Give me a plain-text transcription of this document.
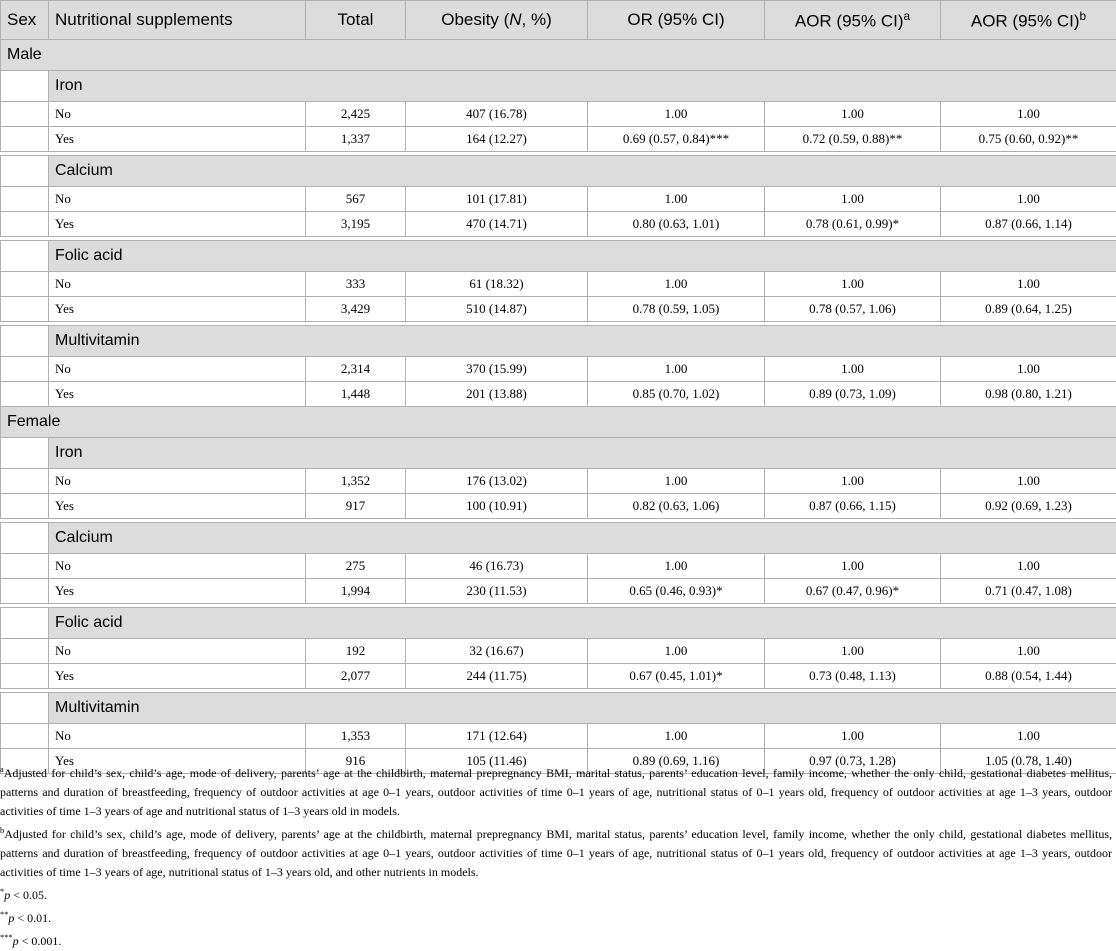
Sex	Nutritional supplements	Total	Obesity (N, %)	OR (95% CI)	AOR (95% CI)$^a$	AOR (95% CI)$^b$
Male						
	Iron					
	No	2,425	407 (16.78)	1.00	1.00	1.00
	Yes	1,337	164 (12.27)	0.69 (0.57, 0.84)***	0.72 (0.59, 0.88)**	0.75 (0.60, 0.92)**

	Calcium					
	No	567	101 (17.81)	1.00	1.00	1.00
	Yes	3,195	470 (14.71)	0.80 (0.63, 1.01)	0.78 (0.61, 0.99)*	0.87 (0.66, 1.14)

	Folic acid					
	No	333	61 (18.32)	1.00	1.00	1.00
	Yes	3,429	510 (14.87)	0.78 (0.59, 1.05)	0.78 (0.57, 1.06)	0.89 (0.64, 1.25)

	Multivitamin					
	No	2,314	370 (15.99)	1.00	1.00	1.00
	Yes	1,448	201 (13.88)	0.85 (0.70, 1.02)	0.89 (0.73, 1.09)	0.98 (0.80, 1.21)
Female						
	Iron					
	No	1,352	176 (13.02)	1.00	1.00	1.00
	Yes	917	100 (10.91)	0.82 (0.63, 1.06)	0.87 (0.66, 1.15)	0.92 (0.69, 1.23)

	Calcium					
	No	275	46 (16.73)	1.00	1.00	1.00
	Yes	1,994	230 (11.53)	0.65 (0.46, 0.93)*	0.67 (0.47, 0.96)*	0.71 (0.47, 1.08)

	Folic acid					
	No	192	32 (16.67)	1.00	1.00	1.00
	Yes	2,077	244 (11.75)	0.67 (0.45, 1.01)*	0.73 (0.48, 1.13)	0.88 (0.54, 1.44)

	Multivitamin					
	No	1,353	171 (12.64)	1.00	1.00	1.00
	Yes	916	105 (11.46)	0.89 (0.69, 1.16)	0.97 (0.73, 1.28)	1.05 (0.78, 1.40)

$^a$Adjusted for child’s sex, child’s age, mode of delivery, parents’ age at the childbirth, maternal prepregnancy BMI, marital status, parents’ education level, family income, whether the only child, gestational diabetes mellitus, patterns and duration of breastfeeding, frequency of outdoor activities at age 0–1 years, outdoor activities of time 0–1 years of age, nutritional status of 0–1 years old, frequency of outdoor activities at age 1–3 years, outdoor activities of time 1–3 years of age and nutritional status of 1–3 years old in models.

$^b$Adjusted for child’s sex, child’s age, mode of delivery, parents’ age at the childbirth, maternal prepregnancy BMI, marital status, parents’ education level, family income, whether the only child, gestational diabetes mellitus, patterns and duration of breastfeeding, frequency of outdoor activities at age 0–1 years, outdoor activities of time 0–1 years of age, nutritional status of 0–1 years old, frequency of outdoor activities at age 1–3 years, outdoor activities of time 1–3 years of age, nutritional status of 1–3 years old, and other nutrients in models.

*p < 0.05.

**p < 0.01.

***p < 0.001.
